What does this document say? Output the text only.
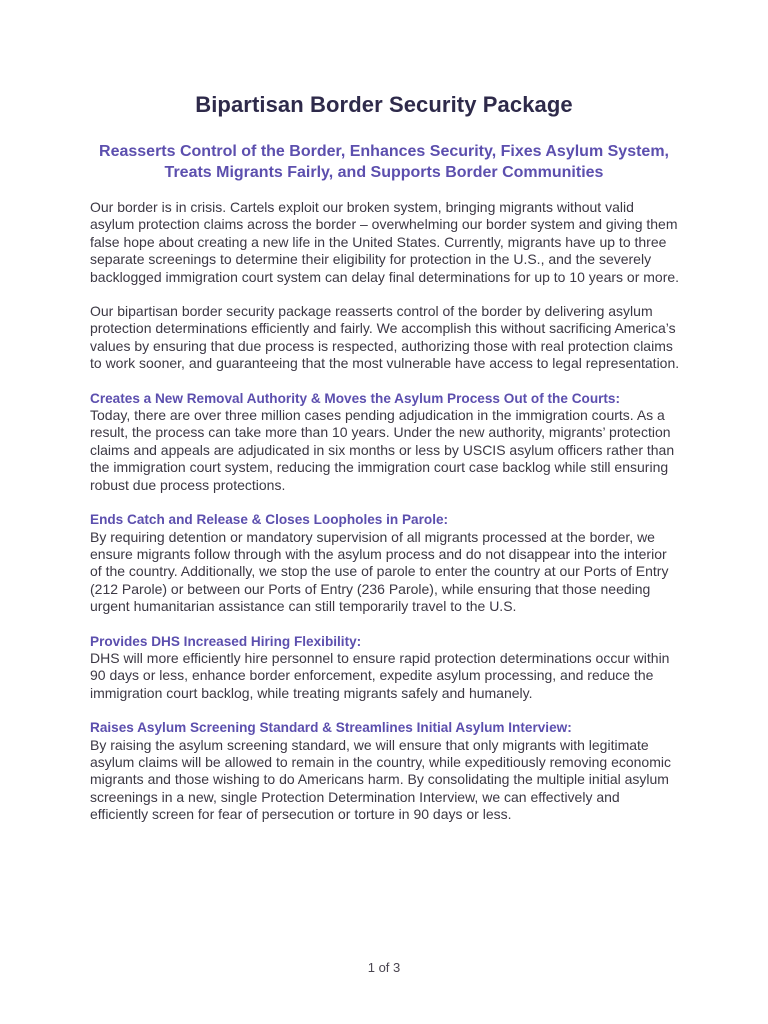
Bipartisan Border Security Package
Reasserts Control of the Border, Enhances Security, Fixes Asylum System, Treats Migrants Fairly, and Supports Border Communities

Our border is in crisis. Cartels exploit our broken system, bringing migrants without valid asylum protection claims across the border – overwhelming our border system and giving them false hope about creating a new life in the United States. Currently, migrants have up to three separate screenings to determine their eligibility for protection in the U.S., and the severely backlogged immigration court system can delay final determinations for up to 10 years or more.

Our bipartisan border security package reasserts control of the border by delivering asylum protection determinations efficiently and fairly. We accomplish this without sacrificing America’s values by ensuring that due process is respected, authorizing those with real protection claims to work sooner, and guaranteeing that the most vulnerable have access to legal representation.

Creates a New Removal Authority & Moves the Asylum Process Out of the Courts:

Today, there are over three million cases pending adjudication in the immigration courts. As a result, the process can take more than 10 years. Under the new authority, migrants’ protection claims and appeals are adjudicated in six months or less by USCIS asylum officers rather than the immigration court system, reducing the immigration court case backlog while still ensuring robust due process protections.

Ends Catch and Release & Closes Loopholes in Parole:

By requiring detention or mandatory supervision of all migrants processed at the border, we ensure migrants follow through with the asylum process and do not disappear into the interior of the country. Additionally, we stop the use of parole to enter the country at our Ports of Entry (212 Parole) or between our Ports of Entry (236 Parole), while ensuring that those needing urgent humanitarian assistance can still temporarily travel to the U.S.

Provides DHS Increased Hiring Flexibility:

DHS will more efficiently hire personnel to ensure rapid protection determinations occur within 90 days or less, enhance border enforcement, expedite asylum processing, and reduce the immigration court backlog, while treating migrants safely and humanely.

Raises Asylum Screening Standard & Streamlines Initial Asylum Interview:

By raising the asylum screening standard, we will ensure that only migrants with legitimate asylum claims will be allowed to remain in the country, while expeditiously removing economic migrants and those wishing to do Americans harm. By consolidating the multiple initial asylum screenings in a new, single Protection Determination Interview, we can effectively and efficiently screen for fear of persecution or torture in 90 days or less.

1 of 3
